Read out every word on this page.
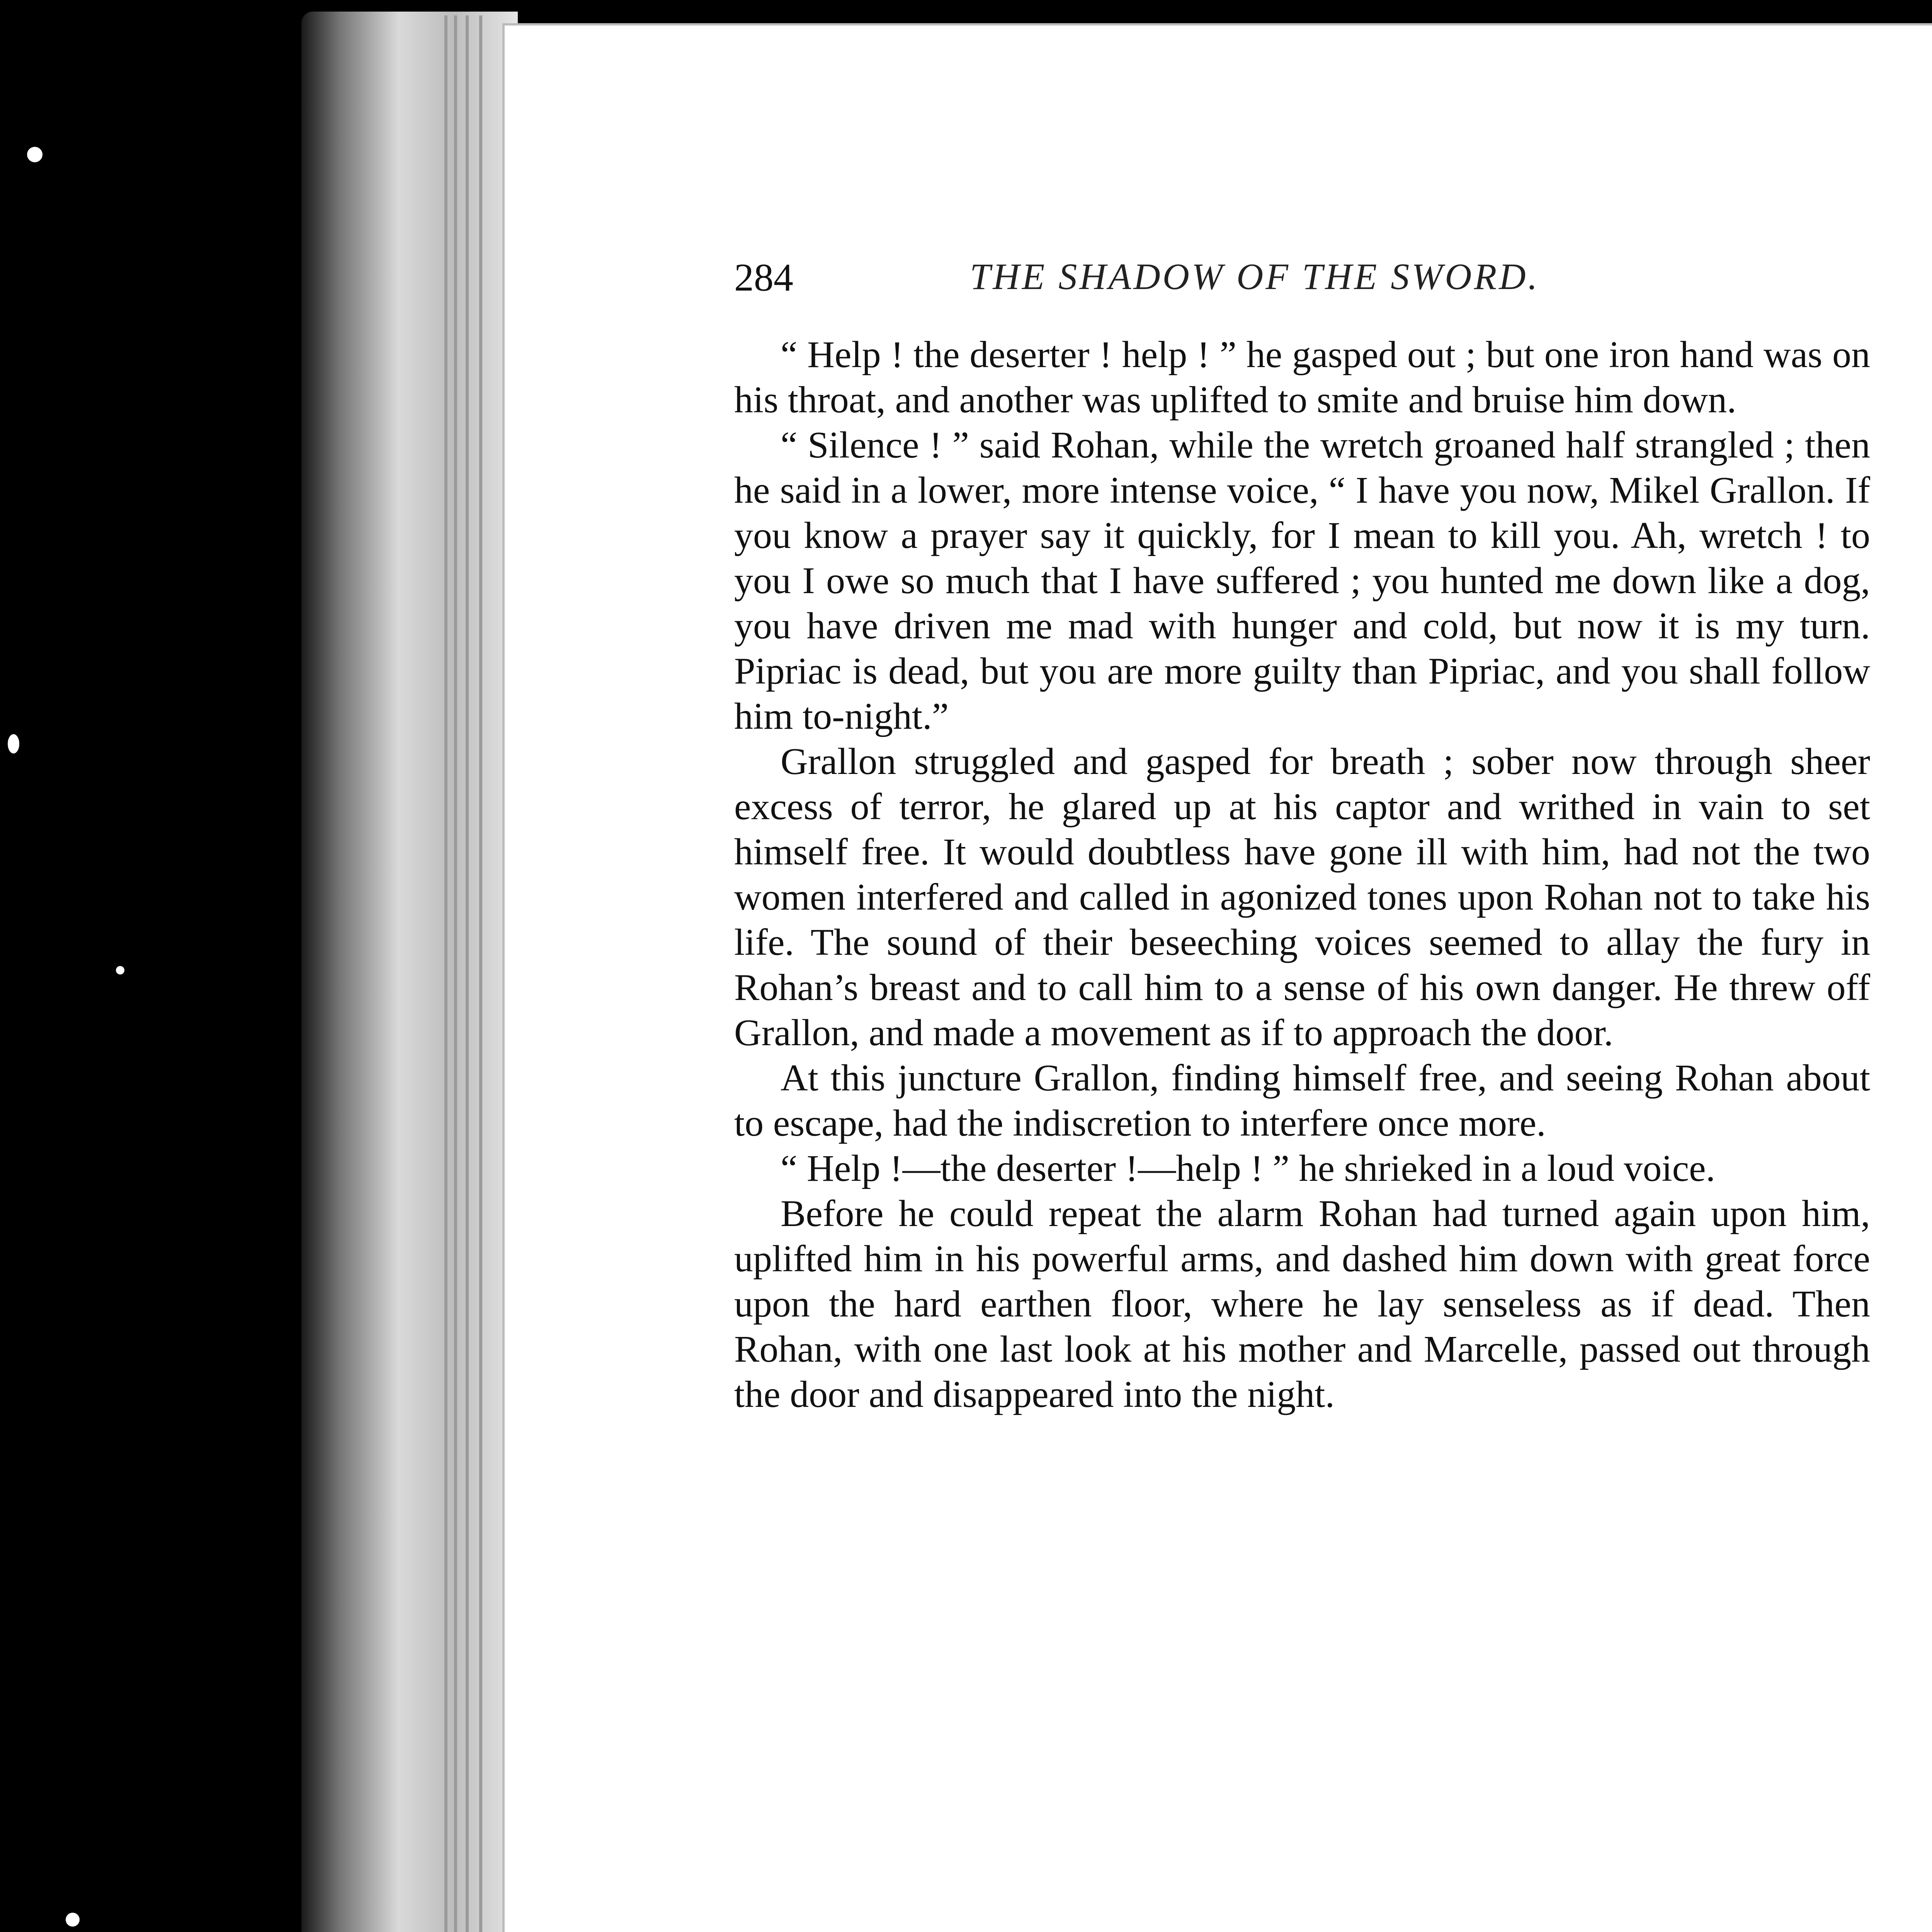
284	THE SHADOW OF THE SWORD.

“ Help ! the deserter ! help ! ” he gasped out ; but one iron hand was on his throat, and another was uplifted to smite and bruise him down.

“ Silence ! ” said Rohan, while the wretch groaned half strangled ; then he said in a lower, more intense voice, “ I have you now, Mikel Grallon. If you know a prayer say it quickly, for I mean to kill you. Ah, wretch ! to you I owe so much that I have suffered ; you hunted me down like a dog, you have driven me mad with hunger and cold, but now it is my turn. Pipriac is dead, but you are more guilty than Pipriac, and you shall follow him to-night.”

Grallon struggled and gasped for breath ; sober now through sheer excess of terror, he glared up at his captor and writhed in vain to set himself free. It would doubtless have gone ill with him, had not the two women interfered and called in agonized tones upon Rohan not to take his life. The sound of their beseeching voices seemed to allay the fury in Rohan’s breast and to call him to a sense of his own danger. He threw off Grallon, and made a movement as if to approach the door.

At this juncture Grallon, finding himself free, and seeing Rohan about to escape, had the indiscretion to interfere once more.

“ Help !—the deserter !—help ! ” he shrieked in a loud voice.

Before he could repeat the alarm Rohan had turned again upon him, uplifted him in his powerful arms, and dashed him down with great force upon the hard earthen floor, where he lay senseless as if dead. Then Rohan, with one last look at his mother and Marcelle, passed out through the door and disappeared into the night.
